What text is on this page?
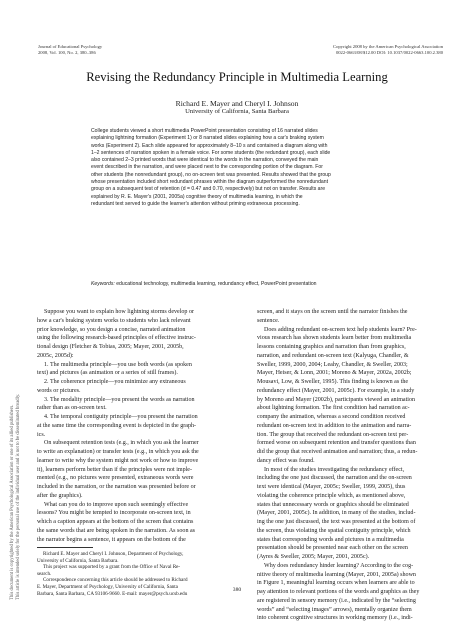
Journal of Educational Psychology
2008, Vol. 100, No. 2, 380–386
Copyright 2008 by the American Psychological Association
0022-0663/08/$12.00 DOI: 10.1037/0022-0663.100.2.380
Revising the Redundancy Principle in Multimedia Learning
Richard E. Mayer and Cheryl I. Johnson
University of California, Santa Barbara

College students viewed a short multimedia PowerPoint presentation consisting of 16 narrated slides

explaining lightning formation (Experiment 1) or 8 narrated slides explaining how a car's braking system

works (Experiment 2). Each slide appeared for approximately 8–10 s and contained a diagram along with

1–2 sentences of narration spoken in a female voice. For some students (the redundant group), each slide

also contained 2–3 printed words that were identical to the words in the narration, conveyed the main

event described in the narration, and were placed next to the corresponding portion of the diagram. For

other students (the nonredundant group), no on-screen text was presented. Results showed that the group

whose presentation included short redundant phrases within the diagram outperformed the nonredundant

group on a subsequent test of retention (d = 0.47 and 0.70, respectively) but not on transfer. Results are

explained by R. E. Mayer's (2001, 2005a) cognitive theory of multimedia learning, in which the

redundant text served to guide the learner's attention without priming extraneous processing.

Keywords: educational technology, multimedia learning, redundancy effect, PowerPoint presentation
Suppose you want to explain how lightning storms develop or
how a car's braking system works to students who lack relevant
prior knowledge, so you design a concise, narrated animation
using the following research-based principles of effective instruc-
tional design (Fletcher & Tobias, 2005; Mayer, 2001, 2005b,
2005c, 2005d):
1. The multimedia principle—you use both words (as spoken
text) and pictures (as animation or a series of still frames).
2. The coherence principle—you minimize any extraneous
words or pictures.
3. The modality principle—you present the words as narration
rather than as on-screen text.
4. The temporal contiguity principle—you present the narration
at the same time the corresponding event is depicted in the graph-
ics.
On subsequent retention tests (e.g., in which you ask the learner
to write an explanation) or transfer tests (e.g., in which you ask the
learner to write why the system might not work or how to improve
it), learners perform better than if the principles were not imple-
mented (e.g., no pictures were presented, extraneous words were
included in the narration, or the narration was presented before or
after the graphics).
What can you do to improve upon such seemingly effective
lessons? You might be tempted to incorporate on-screen text, in
which a caption appears at the bottom of the screen that contains
the same words that are being spoken in the narration. As soon as
the narrator begins a sentence, it appears on the bottom of the
screen, and it stays on the screen until the narrator finishes the
sentence.
Does adding redundant on-screen text help students learn? Pre-
vious research has shown students learn better from multimedia
lessons containing graphics and narration than from graphics,
narration, and redundant on-screen text (Kalyuga, Chandler, &
Sweller, 1999, 2000, 2004; Leahy, Chandler, & Sweller, 2003;
Mayer, Heiser, & Lonn, 2001; Moreno & Mayer, 2002a, 2002b;
Mousavi, Low, & Sweller, 1995). This finding is known as the
redundancy effect (Mayer, 2001, 2005c). For example, in a study
by Moreno and Mayer (2002b), participants viewed an animation
about lightning formation. The first condition had narration ac-
company the animation, whereas a second condition received
redundant on-screen text in addition to the animation and narra-
tion. The group that received the redundant on-screen text per-
formed worse on subsequent retention and transfer questions than
did the group that received animation and narration; thus, a redun-
dancy effect was found.
In most of the studies investigating the redundancy effect,
including the one just discussed, the narration and the on-screen
text were identical (Mayer, 2005c; Sweller, 1999, 2005), thus
violating the coherence principle which, as mentioned above,
states that unnecessary words or graphics should be eliminated
(Mayer, 2001, 2005c). In addition, in many of the studies, includ-
ing the one just discussed, the text was presented at the bottom of
the screen, thus violating the spatial contiguity principle, which
states that corresponding words and pictures in a multimedia
presentation should be presented near each other on the screen
(Ayres & Sweller, 2005; Mayer, 2001, 2005c).
Why does redundancy hinder learning? According to the cog-
nitive theory of multimedia learning (Mayer, 2001, 2005a) shown
in Figure 1, meaningful learning occurs when learners are able to
pay attention to relevant portions of the words and graphics as they
are registered in sensory memory (i.e., indicated by the “selecting
words” and “selecting images” arrows), mentally organize them
into coherent cognitive structures in working memory (i.e., indi-
Richard E. Mayer and Cheryl I. Johnson, Department of Psychology,
University of California, Santa Barbara.
This project was supported by a grant from the Office of Naval Re-
search.
Correspondence concerning this article should be addressed to Richard
E. Mayer, Department of Psychology, University of California, Santa
Barbara, Santa Barbara, CA 93106-9660. E-mail: mayer@psych.ucsb.edu
380
This document is copyrighted by the American Psychological Association or one of its allied publishers. This article is intended solely for the personal use of the individual user and is not to be disseminated broadly.
